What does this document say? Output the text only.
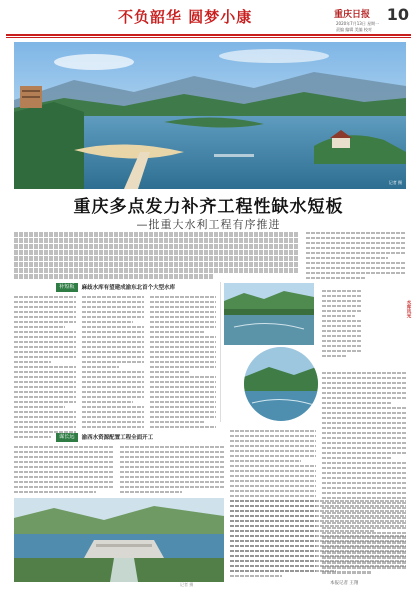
不负韶华 圆梦小康	重庆日报 10
2020年7月13日 星期一
责编 编辑 美编 校对
记者 摄
重庆多点发力补齐工程性缺水短板
—批重大水利工程有序推进
补短板	麻歧水库有望建成渝东北首个大型水库
水库风光
谋长远	渝西水资源配置工程全面开工
记者 摄	本报记者 王翔
